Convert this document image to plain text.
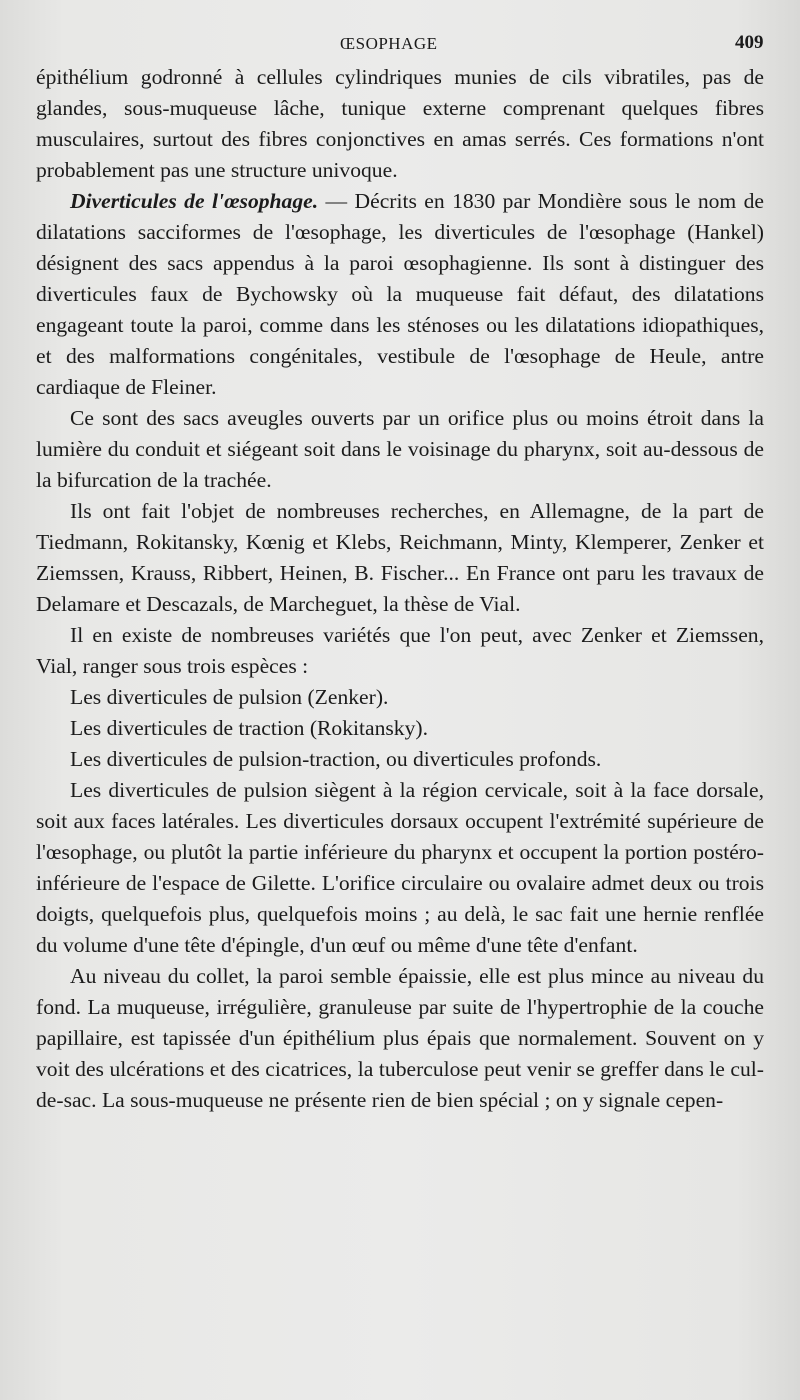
ŒSOPHAGE	409

épithélium godronné à cellules cylindriques munies de cils vibratiles, pas de glandes, sous-muqueuse lâche, tunique externe comprenant quelques fibres musculaires, surtout des fibres conjonctives en amas serrés. Ces formations n'ont probablement pas une structure univoque.

Diverticules de l'œsophage. — Décrits en 1830 par Mondière sous le nom de dilatations sacciformes de l'œsophage, les diverticules de l'œsophage (Hankel) désignent des sacs appendus à la paroi œsophagienne. Ils sont à distinguer des diverticules faux de Bychowsky où la muqueuse fait défaut, des dilatations engageant toute la paroi, comme dans les sténoses ou les dilatations idiopathiques, et des malformations congénitales, vestibule de l'œsophage de Heule, antre cardiaque de Fleiner.

Ce sont des sacs aveugles ouverts par un orifice plus ou moins étroit dans la lumière du conduit et siégeant soit dans le voisinage du pharynx, soit au-dessous de la bifurcation de la trachée.

Ils ont fait l'objet de nombreuses recherches, en Allemagne, de la part de Tiedmann, Rokitansky, Kœnig et Klebs, Reichmann, Minty, Klemperer, Zenker et Ziemssen, Krauss, Ribbert, Heinen, B. Fischer... En France ont paru les travaux de Delamare et Descazals, de Marcheguet, la thèse de Vial.

Il en existe de nombreuses variétés que l'on peut, avec Zenker et Ziemssen, Vial, ranger sous trois espèces :

Les diverticules de pulsion (Zenker).

Les diverticules de traction (Rokitansky).

Les diverticules de pulsion-traction, ou diverticules profonds.

Les diverticules de pulsion siègent à la région cervicale, soit à la face dorsale, soit aux faces latérales. Les diverticules dorsaux occupent l'extrémité supérieure de l'œsophage, ou plutôt la partie inférieure du pharynx et occupent la portion postéro-inférieure de l'espace de Gilette. L'orifice circulaire ou ovalaire admet deux ou trois doigts, quelquefois plus, quelquefois moins ; au delà, le sac fait une hernie renflée du volume d'une tête d'épingle, d'un œuf ou même d'une tête d'enfant.

Au niveau du collet, la paroi semble épaissie, elle est plus mince au niveau du fond. La muqueuse, irrégulière, granuleuse par suite de l'hypertrophie de la couche papillaire, est tapissée d'un épithélium plus épais que normalement. Souvent on y voit des ulcérations et des cicatrices, la tuberculose peut venir se greffer dans le cul-de-sac. La sous-muqueuse ne présente rien de bien spécial ; on y signale cepen-
